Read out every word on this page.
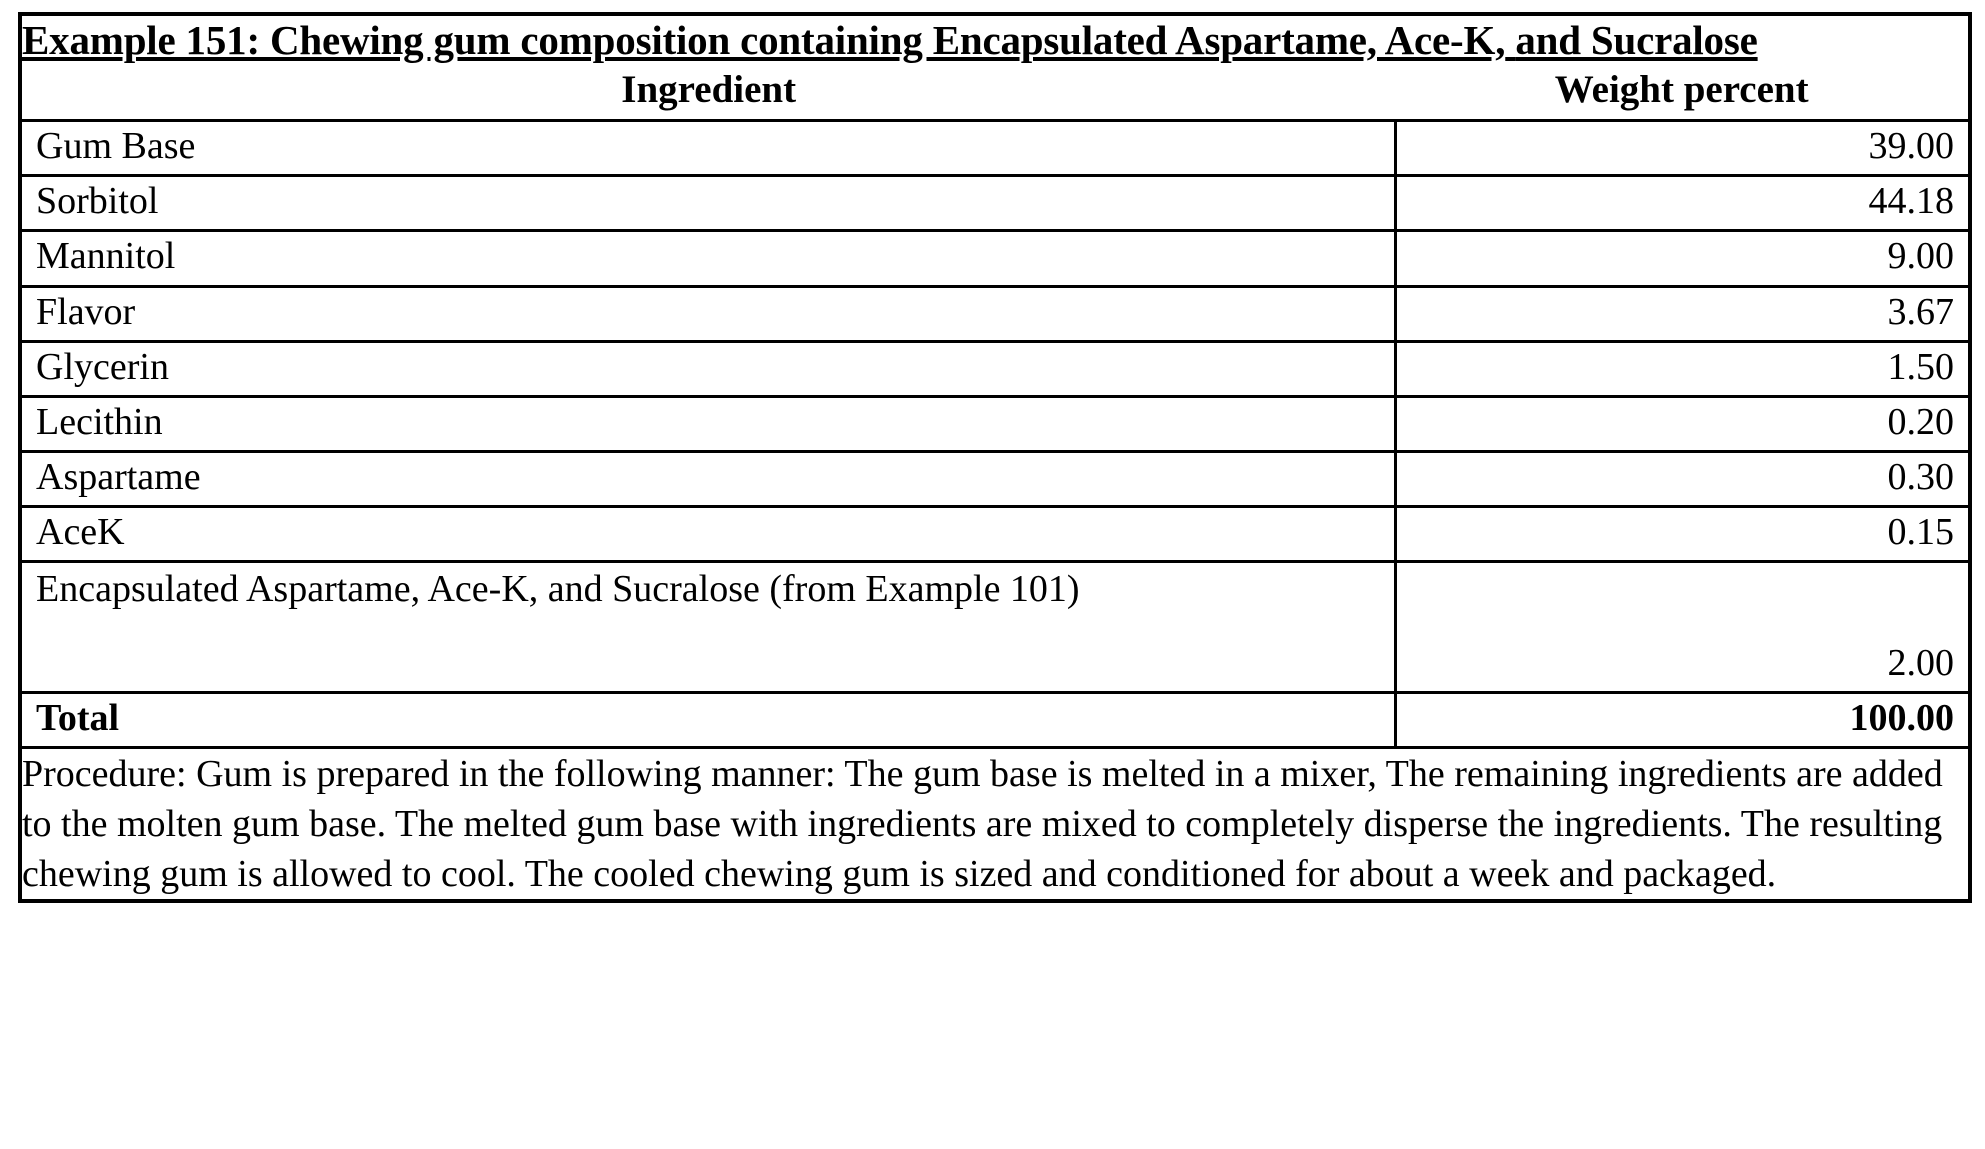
Example 151: Chewing gum composition containing Encapsulated Aspartame, Ace-K, and Sucralose

Ingredient	Weight percent

Gum Base	39.00
Sorbitol	44.18
Mannitol	9.00
Flavor	3.67
Glycerin	1.50
Lecithin	0.20
Aspartame	0.30
AceK	0.15
Encapsulated Aspartame, Ace-K, and Sucralose (from Example 101)	2.00
Total	100.00

Procedure: Gum is prepared in the following manner: The gum base is melted in a mixer, The remaining ingredients are added to the molten gum base. The melted gum base with ingredients are mixed to completely disperse the ingredients. The resulting chewing gum is allowed to cool. The cooled chewing gum is sized and conditioned for about a week and packaged.
